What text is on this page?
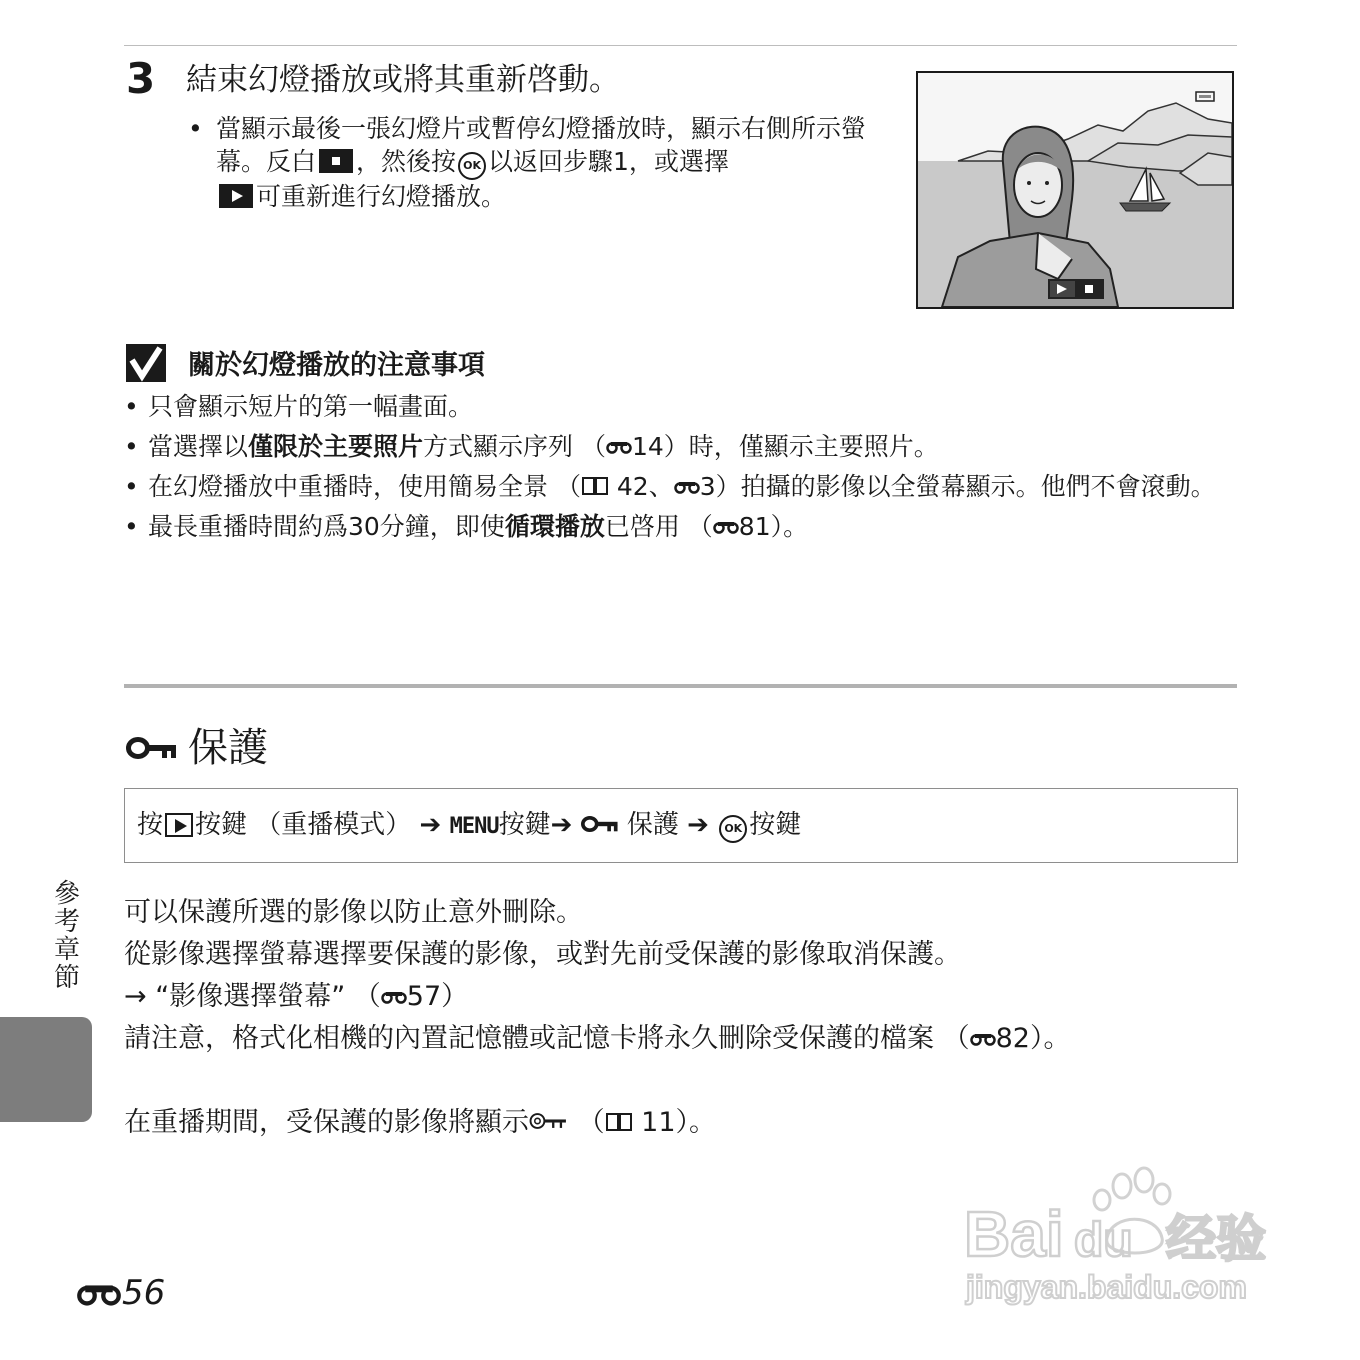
3 結束幻燈播放或將其重新啓動。
• 當顯示最後一張幻燈片或暫停幻燈播放時，顯示右側所示螢幕。反白 ，然後按 OK 以返回步驟1，或選擇
可重新進行幻燈播放。
關於幻燈播放的注意事項
• 只會顯示短片的第一幅畫面。
• 當選擇以僅限於主要照片方式顯示序列 （ 14）時，僅顯示主要照片。
• 在幻燈播放中重播時，使用簡易全景 （ 42、 3）拍攝的影像以全螢幕顯示。他們不會滾動。
• 最長重播時間約爲30分鐘，即使循環播放已啓用 （ 81）。
保護
按 按鍵 （重播模式） ➔ MENU按鍵➔  保護 ➔ OK 按鍵

可以保護所選的影像以防止意外刪除。

從影像選擇螢幕選擇要保護的影像，或對先前受保護的影像取消保護。

→ “影像選擇螢幕” （ 57）

請注意，格式化相機的內置記憶體或記憶卡將永久刪除受保護的檔案 （ 82）。

在重播期間，受保護的影像將顯示 （ 11）。

參考章節
56
Bai du 经验
jingyan.baidu.com
